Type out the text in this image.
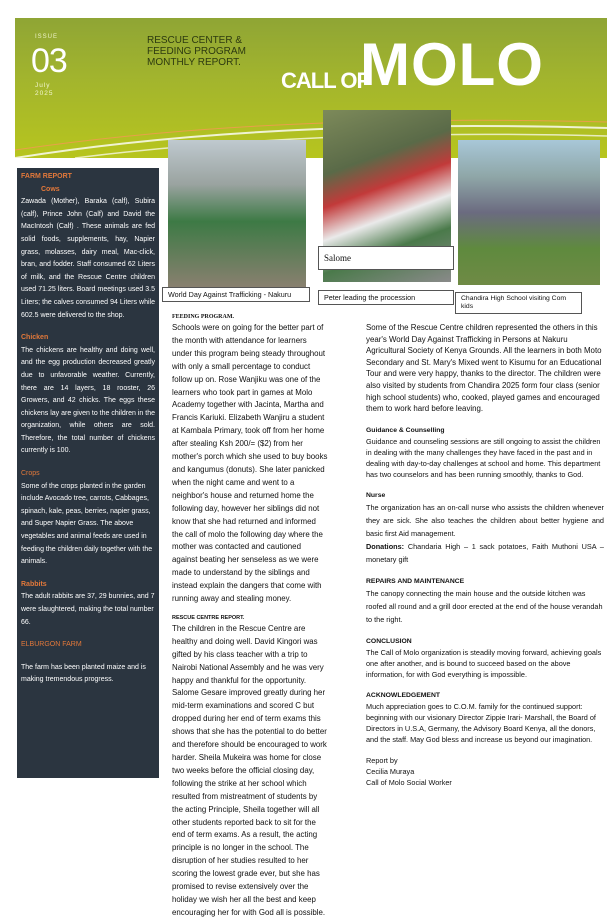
ISSUE
03
July 2025
RESCUE CENTER & FEEDING PROGRAM MONTHLY REPORT.
CALL OF
MOLO
World Day Against Trafficking - Nakuru
Salome
Peter leading the procession	Chandira High School visiting Com kids
FARM REPORT
Cows

Zawada (Mother), Baraka (calf), Subira (calf), Prince John (Calf) and David the MacIntosh (Calf) . These animals are fed solid foods, supplements, hay, Napier grass, molasses, dairy meal, Mac-click, bran, and fodder. Staff consumed 62 Liters of milk, and the Rescue Centre children used 71.25 liters. Board meetings used 3.5 Liters; the calves consumed 94 Liters while 602.5 were delivered to the shop.

Chicken

The chickens are healthy and doing well, and the egg production decreased greatly due to unfavorable weather. Currently, there are 14 layers, 18 rooster, 26 Growers, and 42 chicks. The eggs these chickens lay are given to the children in the organization, while others are sold. Therefore, the total number of chickens currently is 100.

Crops

Some of the crops planted in the garden include Avocado tree, carrots, Cabbages, spinach, kale, peas, berries, napier grass, and Super Napier Grass. The above vegetables and animal feeds are used in feeding the children daily together with the animals.

Rabbits

The adult rabbits are 37, 29 bunnies, and 7 were slaughtered, making the total number 66.

ELBURGON FARM

The farm has been planted maize and is making tremendous progress.

FEEDING PROGRAM.

Schools were on going for the better part of the month with attendance for learners under this program being steady throughout with only a small percentage to conduct follow up on. Rose Wanjiku was one of the learners who took part in games at Molo Academy together with Jacinta, Martha and Francis Kariuki. Elizabeth Wanjiru a student at Kambala Primary, took off from her home after stealing Ksh 200/= ($2) from her mother's porch which she used to buy books and kangumus (donuts). She later panicked when the night came and went to a neighbor's house and returned home the following day, however her siblings did not know that she had returned and informed the call of molo the following day where the mother was contacted and cautioned against beating her senseless as we were made to understand by the siblings and instead explain the dangers that come with running away and stealing money.

RESCUE CENTRE REPORT.

The children in the Rescue Centre are healthy and doing well. David Kingori was gifted by his class teacher with a trip to Nairobi National Assembly and he was very happy and thankful for the opportunity. Salome Gesare improved greatly during her mid-term examinations and scored C but dropped during her end of term exams this shows that she has the potential to do better and therefore should be encouraged to work harder. Sheila Mukeira was home for close two weeks before the official closing day, following the strike at her school which resulted from mistreatment of students by the acting Principle, Sheila together will all other students reported back to sit for the end of term exams. As a result, the acting principle is no longer in the school. The disruption of her studies resulted to her scoring the lowest grade ever, but she has promised to revise extensively over the holiday we wish her all the best and keep encouraging her for with God all is possible.

Some of the Rescue Centre children represented the others in this year's World Day Against Trafficking in Persons at Nakuru Agricultural Society of Kenya Grounds. All the learners in both Moto Secondary and St. Mary's Mixed went to Kisumu for an Educational Tour and were very happy, thanks to the director. The children were also visited by students from Chandira 2025 form four class (senior high school students) who, cooked, played games and encouraged them to work hard before leaving.

Guidance & Counselling

Guidance and counseling sessions are still ongoing to assist the children in dealing with the many challenges they have faced in the past and in dealing with day-to-day challenges at school and home. This department has two counselors and has been running smoothly, thanks to God.

Nurse

The organization has an on-call nurse who assists the children whenever they are sick. She also teaches the children about better hygiene and basic first Aid management.

Donations: Chandaria High – 1 sack potatoes, Faith Muthoni USA – monetary gift

REPAIRS AND MAINTENANCE

The canopy connecting the main house and the outside kitchen was roofed all round and a grill door erected at the end of the house verandah to the right.

CONCLUSION

The Call of Molo organization is steadily moving forward, achieving goals one after another, and is bound to succeed based on the above information, for with God everything is impossible.

ACKNOWLEDGEMENT

Much appreciation goes to C.O.M. family for the continued support: beginning with our visionary Director Zippie Irari- Marshall, the Board of Directors in U.S.A, Germany, the Advisory Board Kenya, all the donors, and the staff. May God bless and increase us beyond our imagination.

Report by
Cecilia Muraya
Call of Molo Social Worker
